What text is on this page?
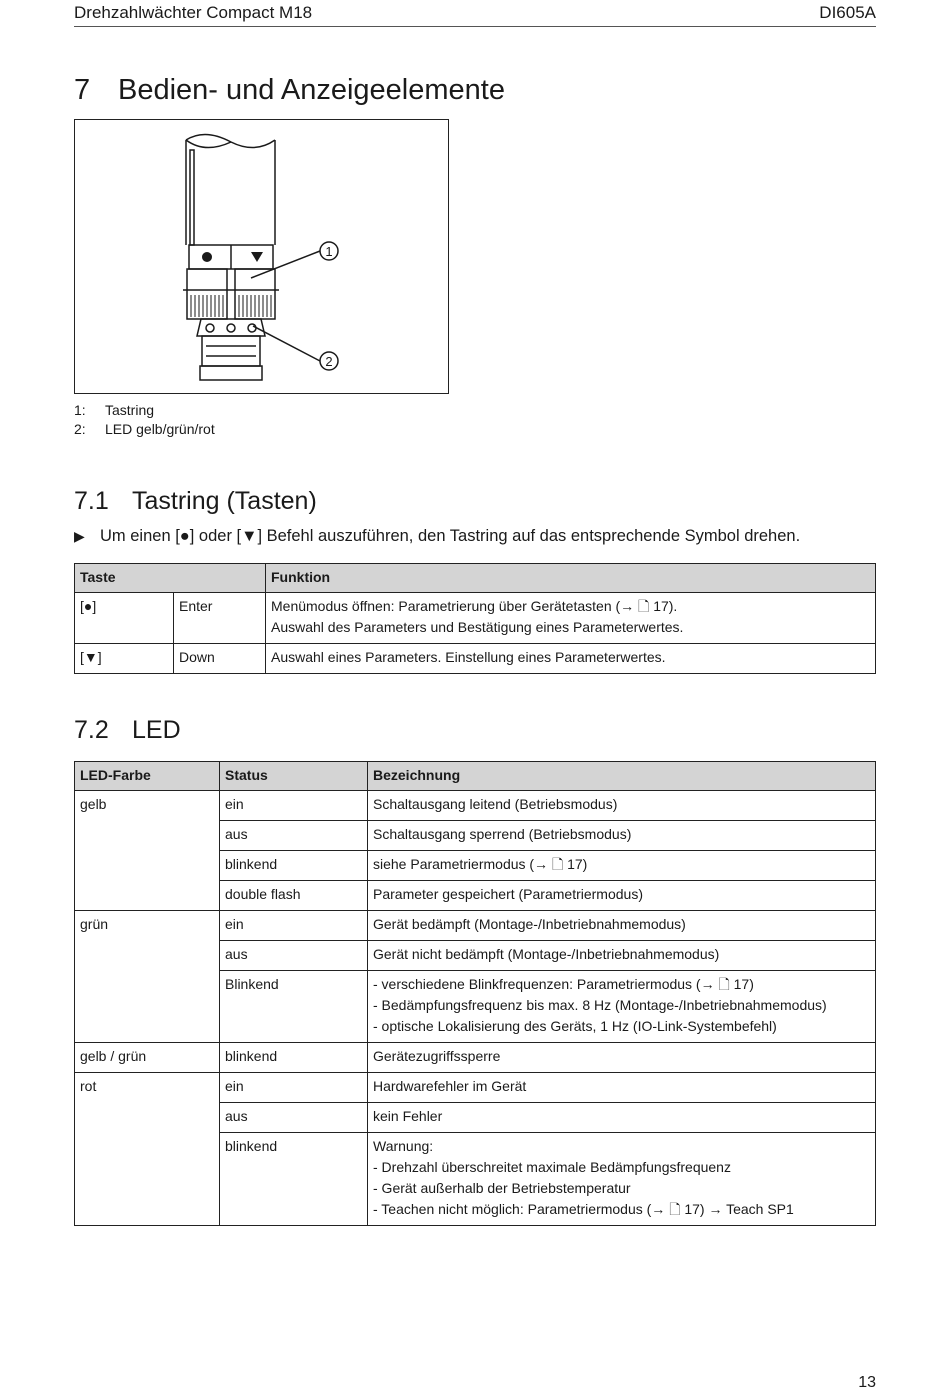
Drehzahlwächter Compact M18	DI605A
7 Bedien- und Anzeigeelemente
1
2
1: Tastring
2: LED gelb/grün/rot
7.1 Tastring (Tasten)
▶ Um einen [●] oder [▼] Befehl auszuführen, den Tastring auf das entsprechende Symbol drehen.
Taste		Funktion
[●]	Enter	Menümodus öffnen: Parametrierung über Gerätetasten (→ 🗋 17).
Auswahl des Parameters und Bestätigung eines Parameterwertes.

[▼]	Down	Auswahl eines Parameters. Einstellung eines Parameterwertes.
7.2 LED
LED-Farbe	Status	Bezeichnung
gelb	ein	Schaltausgang leitend (Betriebsmodus)
	aus	Schaltausgang sperrend (Betriebsmodus)
	blinkend	siehe Parametriermodus (→ 🗋 17)
	double flash	Parameter gespeichert (Parametriermodus)
grün	ein	Gerät bedämpft (Montage-/Inbetriebnahmemodus)
	aus	Gerät nicht bedämpft (Montage-/Inbetriebnahmemodus)
	Blinkend	- verschiedene Blinkfrequenzen: Parametriermodus (→ 🗋 17)
- Bedämpfungsfrequenz bis max. 8 Hz (Montage-/Inbetriebnahmemodus)
- optische Lokalisierung des Geräts, 1 Hz (IO-Link-Systembefehl)

gelb / grün	blinkend	Gerätezugriffssperre
rot	ein	Hardwarefehler im Gerät
	aus	kein Fehler
	blinkend	Warnung:
- Drehzahl überschreitet maximale Bedämpfungsfrequenz
- Gerät außerhalb der Betriebstemperatur
- Teachen nicht möglich: Parametriermodus (→ 🗋 17) → Teach SP1
13
